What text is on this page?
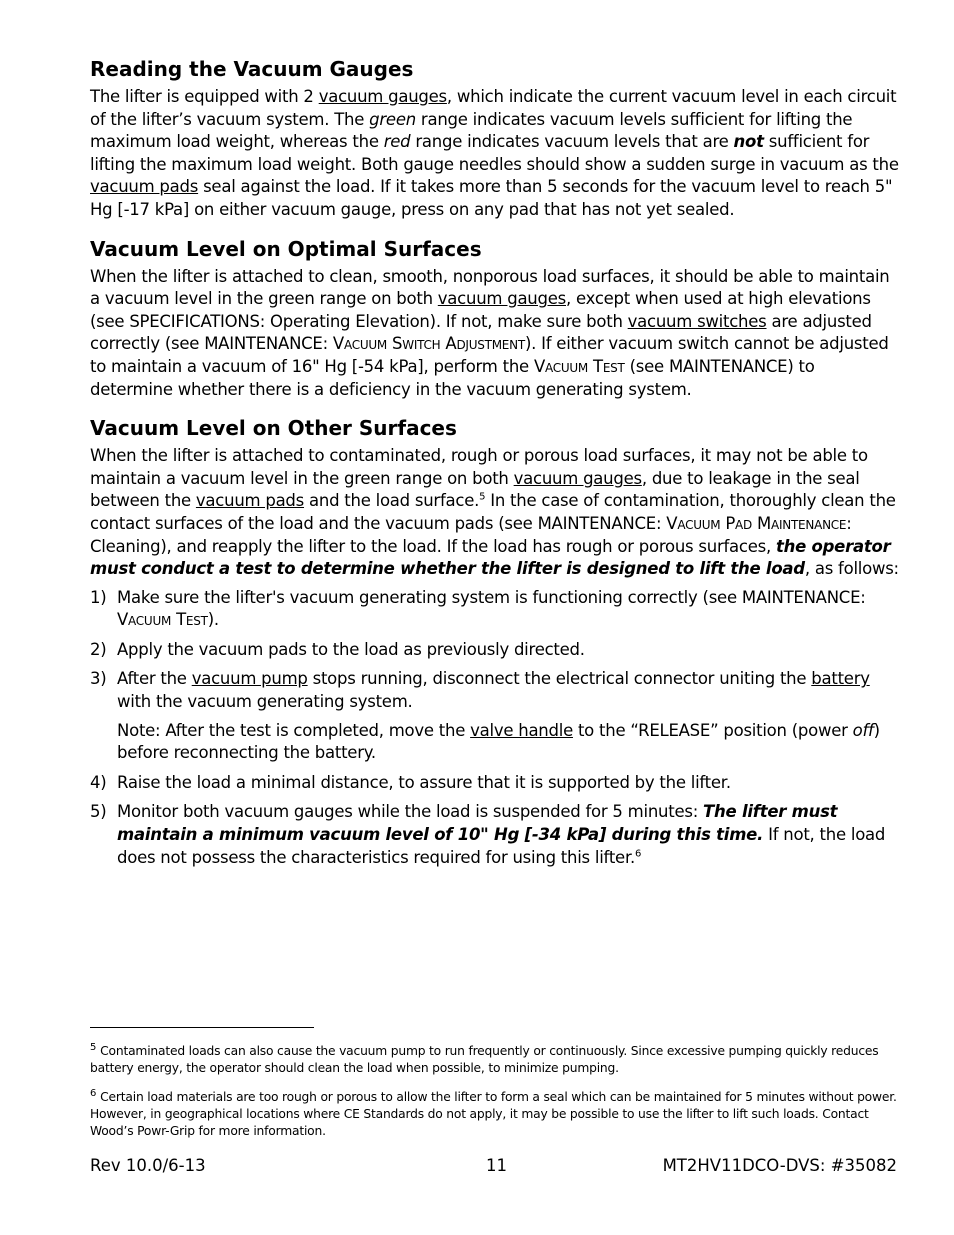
Reading the Vacuum Gauges

The lifter is equipped with 2 vacuum gauges, which indicate the current vacuum level in each circuit of the lifter’s vacuum system. The green range indicates vacuum levels sufficient for lifting the maximum load weight, whereas the red range indicates vacuum levels that are not sufficient for lifting the maximum load weight. Both gauge needles should show a sudden surge in vacuum as the vacuum pads seal against the load. If it takes more than 5 seconds for the vacuum level to reach 5" Hg [-17 kPa] on either vacuum gauge, press on any pad that has not yet sealed.

Vacuum Level on Optimal Surfaces

When the lifter is attached to clean, smooth, nonporous load surfaces, it should be able to maintain a vacuum level in the green range on both vacuum gauges, except when used at high elevations (see SPECIFICATIONS: Operating Elevation). If not, make sure both vacuum switches are adjusted correctly (see MAINTENANCE: Vacuum Switch Adjustment). If either vacuum switch cannot be adjusted to maintain a vacuum of 16" Hg [-54 kPa], perform the Vacuum Test (see MAINTENANCE) to determine whether there is a deficiency in the vacuum generating system.

Vacuum Level on Other Surfaces

When the lifter is attached to contaminated, rough or porous load surfaces, it may not be able to maintain a vacuum level in the green range on both vacuum gauges, due to leakage in the seal between the vacuum pads and the load surface.$^5$ In the case of contamination, thoroughly clean the contact surfaces of the load and the vacuum pads (see MAINTENANCE: Vacuum Pad Maintenance: Cleaning), and reapply the lifter to the load. If the load has rough or porous surfaces, the operator must conduct a test to determine whether the lifter is designed to lift the load, as follows:

1) Make sure the lifter's vacuum generating system is functioning correctly (see MAINTENANCE: Vacuum Test).
2) Apply the vacuum pads to the load as previously directed.
3) After the vacuum pump stops running, disconnect the electrical connector uniting the battery with the vacuum generating system.
Note: After the test is completed, move the valve handle to the “RELEASE” position (power off) before reconnecting the battery.
4) Raise the load a minimal distance, to assure that it is supported by the lifter.
5) Monitor both vacuum gauges while the load is suspended for 5 minutes: The lifter must maintain a minimum vacuum level of 10" Hg [-34 kPa] during this time. If not, the load does not possess the characteristics required for using this lifter.$^6$
$^5$ Contaminated loads can also cause the vacuum pump to run frequently or continuously. Since excessive pumping quickly reduces battery energy, the operator should clean the load when possible, to minimize pumping.
$^6$ Certain load materials are too rough or porous to allow the lifter to form a seal which can be maintained for 5 minutes without power. However, in geographical locations where CE Standards do not apply, it may be possible to use the lifter to lift such loads. Contact Wood’s Powr-Grip for more information.
Rev 10.0/6-13	11	MT2HV11DCO-DVS: #35082
